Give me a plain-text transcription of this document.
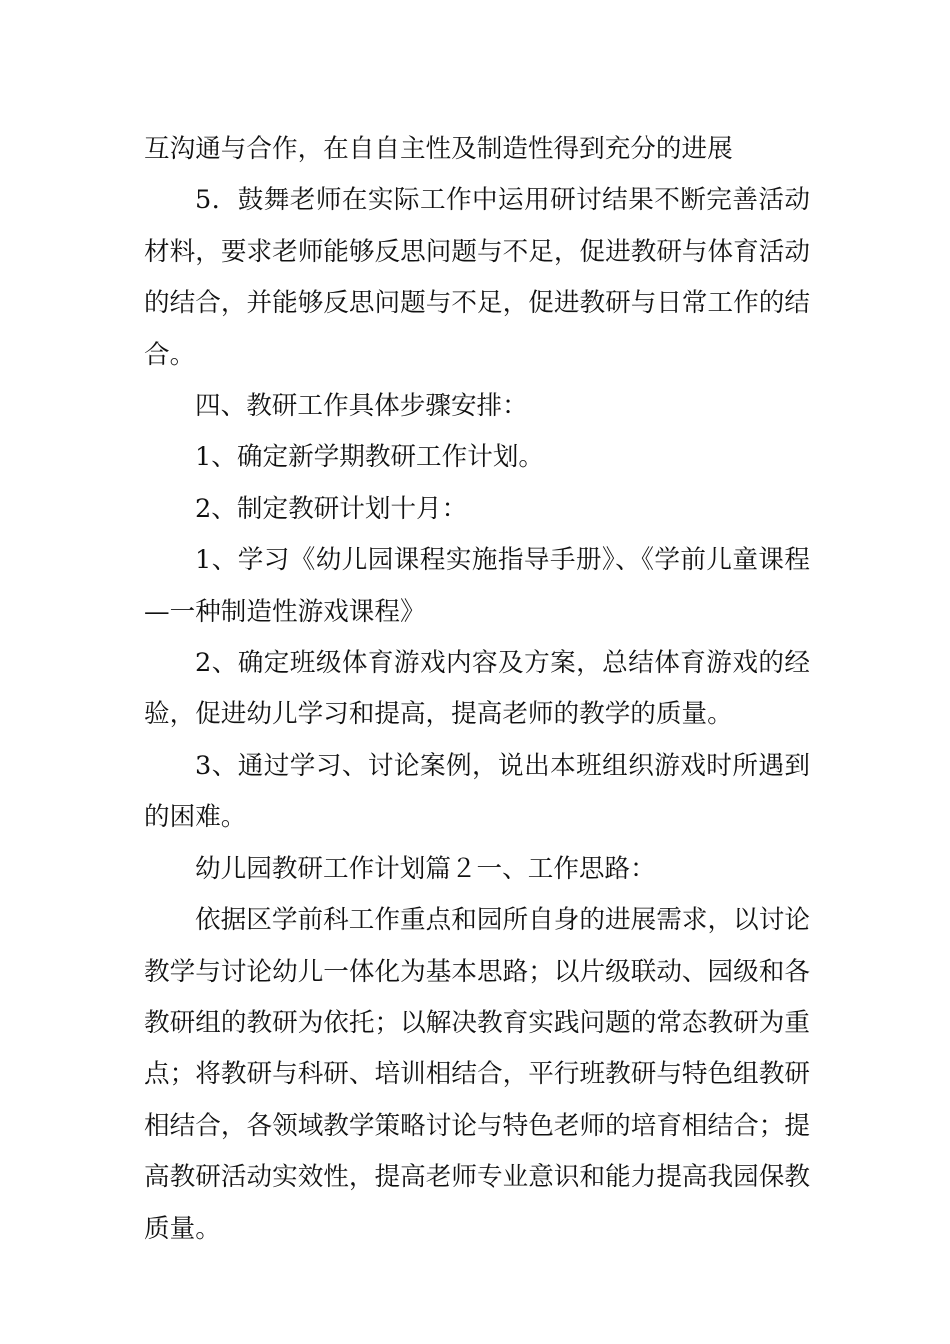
互沟通与合作，在自自主性及制造性得到充分的进展

5．鼓舞老师在实际工作中运用研讨结果不断完善活动材料，要求老师能够反思问题与不足，促进教研与体育活动的结合，并能够反思问题与不足，促进教研与日常工作的结合。

四、教研工作具体步骤安排：

1、确定新学期教研工作计划。

2、制定教研计划十月：

1、学习《幼儿园课程实施指导手册》、《学前儿童课程—一种制造性游戏课程》

2、确定班级体育游戏内容及方案，总结体育游戏的经验，促进幼儿学习和提高，提高老师的教学的质量。

3、通过学习、讨论案例，说出本班组织游戏时所遇到的困难。

幼儿园教研工作计划篇２一、工作思路：

依据区学前科工作重点和园所自身的进展需求，以讨论教学与讨论幼儿一体化为基本思路；以片级联动、园级和各教研组的教研为依托；以解决教育实践问题的常态教研为重点；将教研与科研、培训相结合，平行班教研与特色组教研相结合，各领域教学策略讨论与特色老师的培育相结合；提高教研活动实效性，提高老师专业意识和能力提高我园保教质量。
